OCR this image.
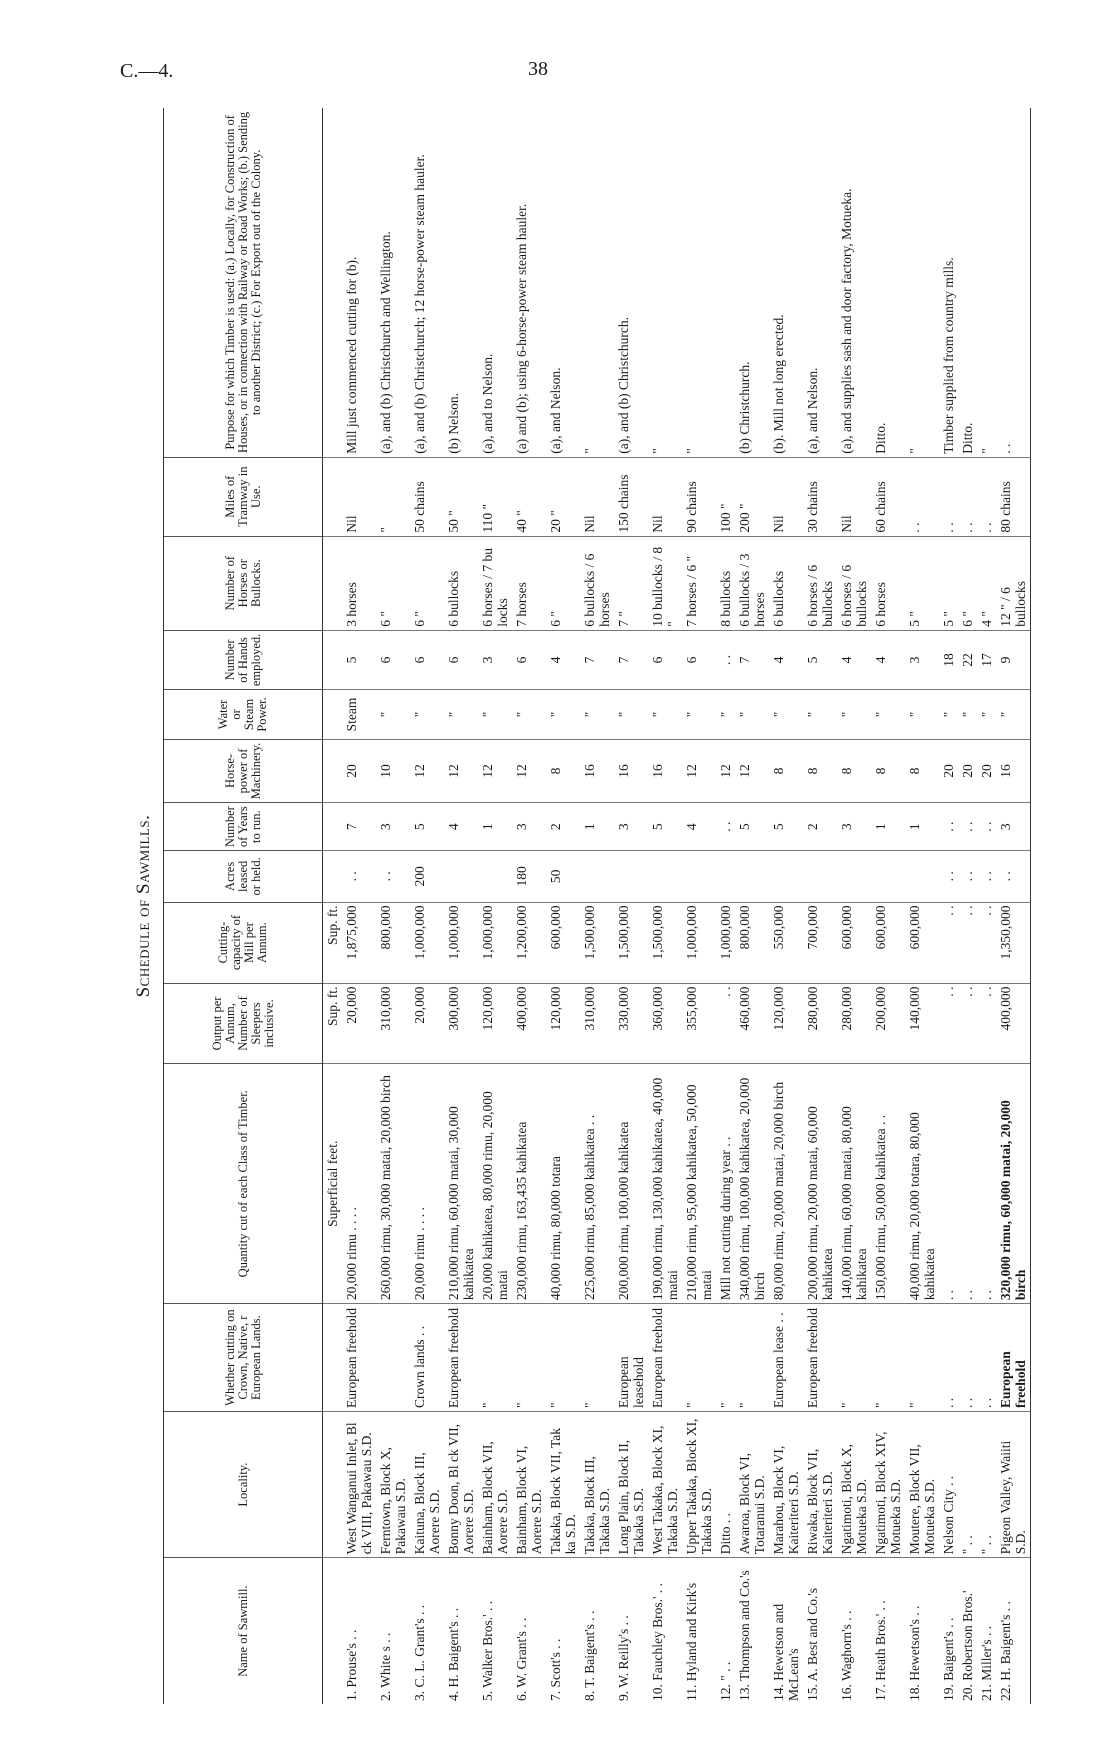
C.—4.	38
Schedule of Sawmills.
Name of Sawmill.	Locality.	Whether cutting on Crown, Native, r European Lands.	Quantity cut of each Class of Timber.	Output per Annum, Number of Sleepers inclusive.	Cutting-capacity of Mill per Annum.	Acres leased or held.	Number of Years to run.	Horse-power of Machinery.	Water or Steam Power.	Number of Hands employed.	Number of Horses or Bullocks.	Miles of Tramway in Use.	Purpose for which Timber is used: (a.) Locally, for Construction of Houses, or in connection with Railway or Road Works; (b.) Sending to another District; (c.) For Export out of the Colony.
			Superficial feet.	Sup. ft.	Sup. ft.								
1. Prouse's . .	West Wanganui Inlet, Bl ck VIII, Pakawau S.D.	European freehold	20,000 rimu . . . .	20,000	1,875,000	. .	7	20	Steam	5	3 horses	Nil	Mill just commenced cutting for (b).
2. White s . .	Ferntown, Block X, Pakawau S.D.		260,000 rimu, 30,000 matai, 20,000 birch	310,000	800,000	. .	3	10	"	6	6 "	"	(a), and (b) Christchurch and Wellington.
3. C. L. Grant's . .	Kaituna, Block III, Aorere S.D.	Crown lands . .	20,000 rimu . . . .	20,000	1,000,000	200	5	12	"	6	6 "	50 chains	(a), and (b) Christchurch; 12 horse-power steam hauler.
4. H. Baigent's . .	Bonny Doon, Bl ck VII, Aorere S.D.	European freehold	210,000 rimu, 60,000 matai, 30,000 kahikatea	300,000	1,000,000		4	12	"	6	6 bullocks	50 "	(b) Nelson.
5. Walker Bros.' . .	Bainham, Block VII, Aorere S.D.	"	20,000 kahikatea, 80,000 rimu, 20,000 matai	120,000	1,000,000		1	12	"	3	6 horses / 7 bu locks	110 "	(a), and to Nelson.
6. W. Grant's . .	Bainham, Block VI, Aorere S.D.	"	230,000 rimu, 163,435 kahikatea	400,000	1,200,000	180	3	12	"	6	7 horses	40 "	(a) and (b); using 6-horse-power steam hauler.
7. Scott's . .	Takaka, Block VII, Tak ka S.D.	"	40,000 rimu, 80,000 totara	120,000	600,000	50	2	8	"	4	6 "	20 "	(a), and Nelson.
8. T. Baigent's . .	Takaka, Block III, Takaka S.D.	"	225,000 rimu, 85,000 kahikatea . .	310,000	1,500,000		1	16	"	7	6 bullocks / 6 horses	Nil	"
9. W. Reilly's . .	Long Plain, Block II, Takaka S.D.	European leasehold	200,000 rimu, 100,000 kahikatea	330,000	1,500,000		3	16	"	7	7 "	150 chains	(a), and (b) Christchurch.
10. Fauchley Bros.' . .	West Takaka, Block XI, Takaka S.D.	European freehold	190,000 rimu, 130,000 kahikatea, 40,000 matai	360,000	1,500,000		5	16	"	6	10 bullocks / 8 "	Nil	"
11. Hyland and Kirk's	Upper Takaka, Block XI, Takaka S.D.	"	210,000 rimu, 95,000 kahikatea, 50,000 matai	355,000	1,000,000		4	12	"	6	7 horses / 6 "	90 chains	"
12. " . .	Ditto . .	"	Mill not cutting during year . .	. .	1,000,000		. .	12	"	. .	8 bullocks	100 "	
13. Thompson and Co.'s	Awaroa, Block VI, Totaranui S.D.	"	340,000 rimu, 100,000 kahikatea, 20,000 birch	460,000	800,000		5	12	"	7	6 bullocks / 3 horses	200 "	(b) Christchurch.
14. Hewetson and McLean's	Marahou, Block VI, Kaiteriteri S.D.	European lease . .	80,000 rimu, 20,000 matai, 20,000 birch	120,000	550,000		5	8	"	4	6 bullocks	Nil	(b). Mill not long erected.
15. A. Best and Co.'s	Riwaka, Block VII, Kaiteriteri S.D.	European freehold	200,000 rimu, 20,000 matai, 60,000 kahikatea	280,000	700,000		2	8	"	5	6 horses / 6 bullocks	30 chains	(a), and Nelson.
16. Waghorn's . .	Ngatimoti, Block X, Motueka S.D.	"	140,000 rimu, 60,000 matai, 80,000 kahikatea	280,000	600,000		3	8	"	4	6 horses / 6 bullocks	Nil	(a), and supplies sash and door factory, Motueka.
17. Heath Bros.' . .	Ngatimoti, Block XIV, Motueka S.D.	"	150,000 rimu, 50,000 kahikatea . .	200,000	600,000		1	8	"	4	6 horses	60 chains	Ditto.
18. Hewetson's . .	Moutere, Block VII, Motueka S.D.	"	40,000 rimu, 20,000 totara, 80,000 kahikatea	140,000	600,000		1	8	"	3	5 "	. .	"
19. Baigent's . .	Nelson City . .	. .	. .	. .	. .	. .	. .	20	"	18	5 "	. .	Timber supplied from country mills.
20. Robertson Bros.'	" . .	. .	. .	. .	. .	. .	. .	20	"	22	6 "	. .	Ditto.
21. Miller's . .	" . .	. .	. .	. .	. .	. .	. .	20	"	17	4 "	. .	"
22. H. Baigent's . .	Pigeon Valley, Waiiti S.D.	European freehold	320,000 rimu, 60,000 matai, 20,000 birch	400,000	1,350,000	. .	3	16	"	9	12 " / 6 bullocks	80 chains	. .
